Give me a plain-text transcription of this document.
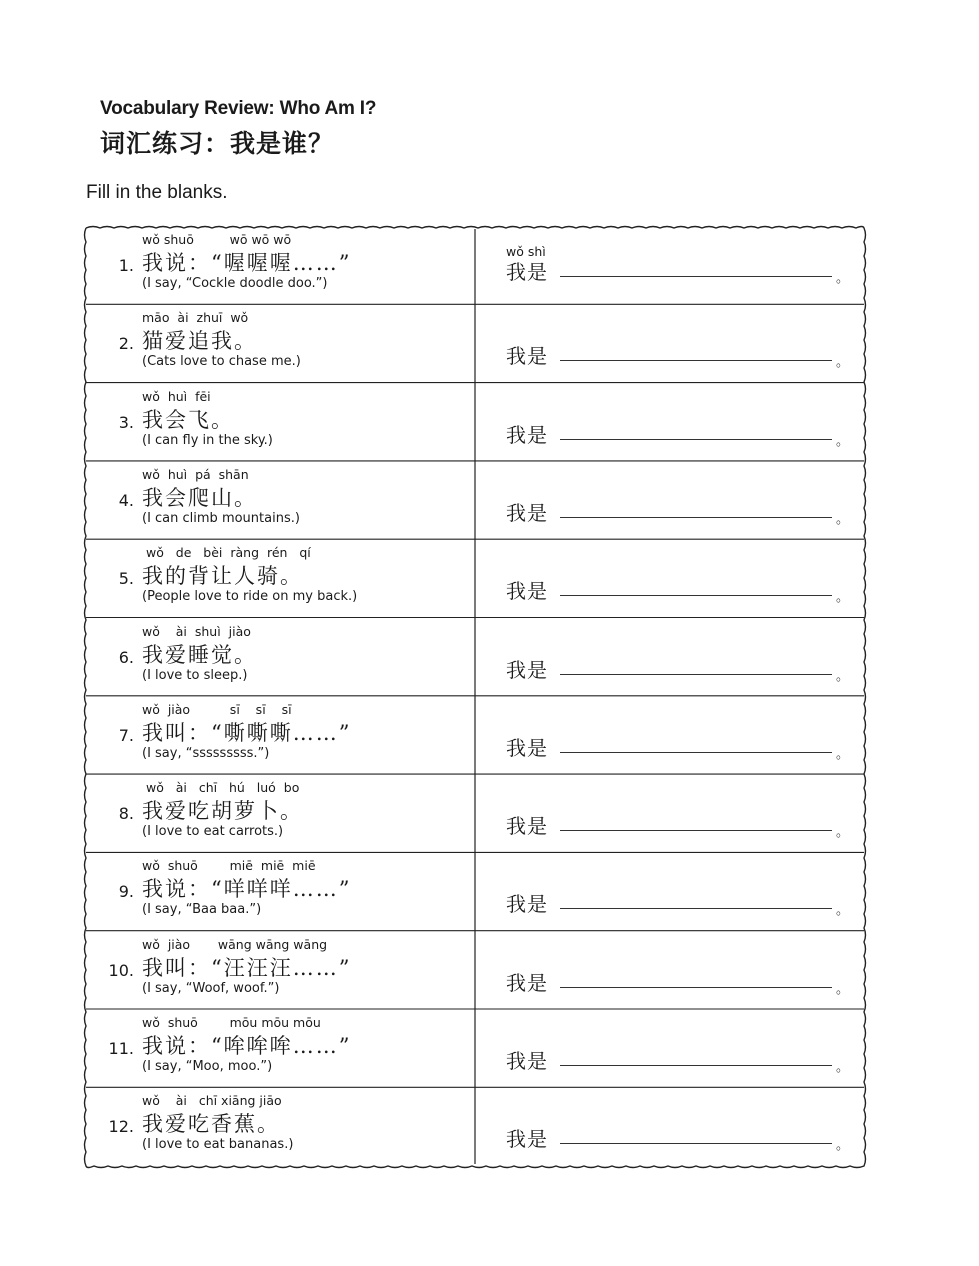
Vocabulary Review: Who Am I?
词汇练习：我是谁？
Fill in the blanks.
1.
wǒ shuō         wō wō wō
我说：“喔喔喔……”
(I say, “Cockle doodle doo.”)
wǒ shì
我是	。
2.
māo  ài  zhuī  wǒ
猫爱追我。
(Cats love to chase me.)	我是	。
3.
wǒ  huì  fēi
我会飞。
(I can fly in the sky.)	我是	。
4.
wǒ  huì  pá  shān
我会爬山。
(I can climb mountains.)	我是	。
5.
wǒ   de   bèi  ràng  rén   qí
我的背让人骑。
(People love to ride on my back.)	我是	。
6.
wǒ    ài  shuì  jiào
我爱睡觉。
(I love to sleep.)	我是	。
7.
wǒ  jiào          sī    sī    sī
我叫：“嘶嘶嘶……”
(I say, “sssssssss.”)	我是	。
8.
wǒ   ài   chī   hú   luó  bo
我爱吃胡萝卜。
(I love to eat carrots.)	我是	。
9.
wǒ  shuō        miē  miē  miē
我说：“咩咩咩……”
(I say, “Baa baa.”)	我是	。
10.
wǒ  jiào       wāng wāng wāng
我叫：“汪汪汪……”
(I say, “Woof, woof.”)	我是	。
11.
wǒ  shuō        mōu mōu mōu
我说：“哞哞哞……”
(I say, “Moo, moo.”)	我是	。
12.
wǒ    ài   chī xiāng jiāo
我爱吃香蕉。
(I love to eat bananas.)	我是	。
